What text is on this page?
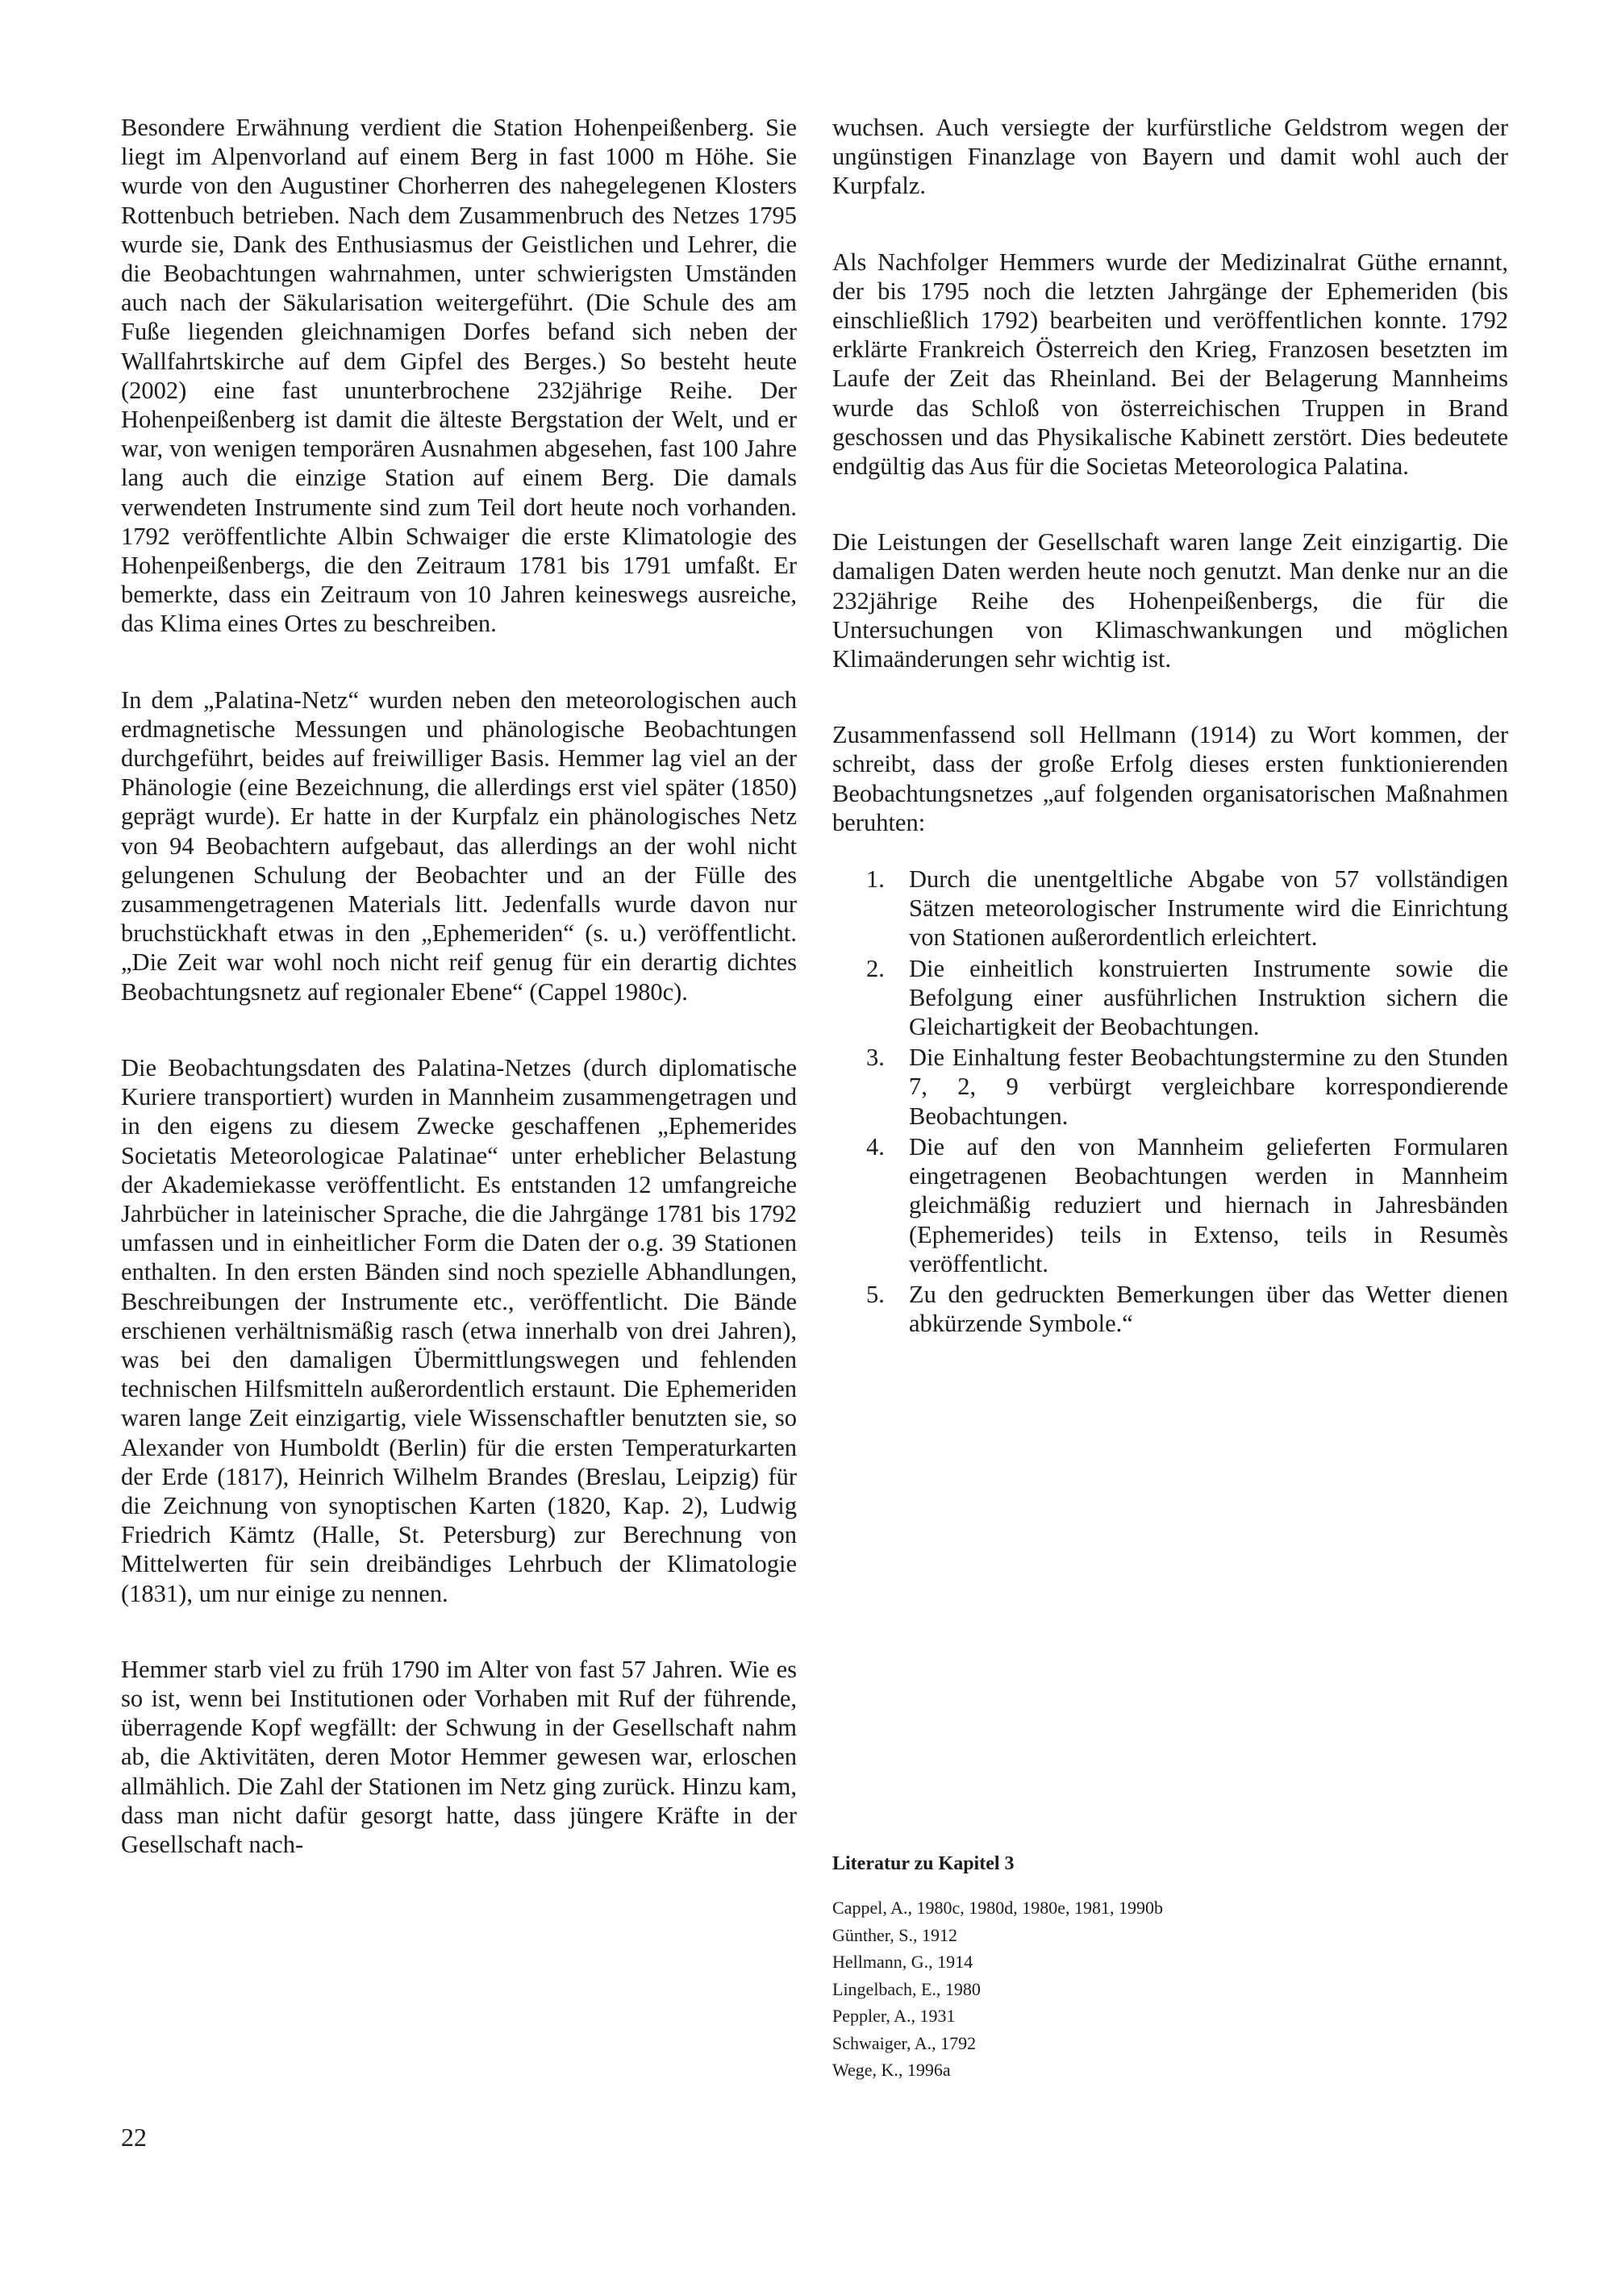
Besondere Erwähnung verdient die Station Hohenpeißenberg. Sie liegt im Alpenvorland auf einem Berg in fast 1000 m Höhe. Sie wurde von den Augustiner Chorherren des nahegelegenen Klosters Rottenbuch betrieben. Nach dem Zusammenbruch des Netzes 1795 wurde sie, Dank des Enthusiasmus der Geistlichen und Lehrer, die die Beobachtungen wahrnahmen, unter schwierigsten Umständen auch nach der Säkularisation weitergeführt. (Die Schule des am Fuße liegenden gleichnamigen Dorfes befand sich neben der Wallfahrtskirche auf dem Gipfel des Berges.) So besteht heute (2002) eine fast ununterbrochene 232jährige Reihe. Der Hohenpeißenberg ist damit die älteste Bergstation der Welt, und er war, von wenigen temporären Ausnahmen abgesehen, fast 100 Jahre lang auch die einzige Station auf einem Berg. Die damals verwendeten Instrumente sind zum Teil dort heute noch vorhanden. 1792 veröffentlichte Albin Schwaiger die erste Klimatologie des Hohenpeißenbergs, die den Zeitraum 1781 bis 1791 umfaßt. Er bemerkte, dass ein Zeitraum von 10 Jahren keineswegs ausreiche, das Klima eines Ortes zu beschreiben.

In dem „Palatina-Netz“ wurden neben den meteorologischen auch erdmagnetische Messungen und phänologische Beobachtungen durchgeführt, beides auf freiwilliger Basis. Hemmer lag viel an der Phänologie (eine Bezeichnung, die allerdings erst viel später (1850) geprägt wurde). Er hatte in der Kurpfalz ein phänologisches Netz von 94 Beobachtern aufgebaut, das allerdings an der wohl nicht gelungenen Schulung der Beobachter und an der Fülle des zusammengetragenen Materials litt. Jedenfalls wurde davon nur bruchstückhaft etwas in den „Ephemeriden“ (s. u.) veröffentlicht. „Die Zeit war wohl noch nicht reif genug für ein derartig dichtes Beobachtungsnetz auf regionaler Ebene“ (Cappel 1980c).

Die Beobachtungsdaten des Palatina-Netzes (durch diplomatische Kuriere transportiert) wurden in Mannheim zusammengetragen und in den eigens zu diesem Zwecke geschaffenen „Ephemerides Societatis Meteorologicae Palatinae“ unter erheblicher Belastung der Akademiekasse veröffentlicht. Es entstanden 12 umfangreiche Jahrbücher in lateinischer Sprache, die die Jahrgänge 1781 bis 1792 umfassen und in einheitlicher Form die Daten der o.g. 39 Stationen enthalten. In den ersten Bänden sind noch spezielle Abhandlungen, Beschreibungen der Instrumente etc., veröffentlicht. Die Bände erschienen verhältnismäßig rasch (etwa innerhalb von drei Jahren), was bei den damaligen Übermittlungswegen und fehlenden technischen Hilfsmitteln außerordentlich erstaunt. Die Ephemeriden waren lange Zeit einzigartig, viele Wissenschaftler benutzten sie, so Alexander von Humboldt (Berlin) für die ersten Temperaturkarten der Erde (1817), Heinrich Wilhelm Brandes (Breslau, Leipzig) für die Zeichnung von synoptischen Karten (1820, Kap. 2), Ludwig Friedrich Kämtz (Halle, St. Petersburg) zur Berechnung von Mittelwerten für sein dreibändiges Lehrbuch der Klimatologie (1831), um nur einige zu nennen.

Hemmer starb viel zu früh 1790 im Alter von fast 57 Jahren. Wie es so ist, wenn bei Institutionen oder Vorhaben mit Ruf der führende, überragende Kopf wegfällt: der Schwung in der Gesellschaft nahm ab, die Aktivitäten, deren Motor Hemmer gewesen war, erloschen allmählich. Die Zahl der Stationen im Netz ging zurück. Hinzu kam, dass man nicht dafür gesorgt hatte, dass jüngere Kräfte in der Gesellschaft nach-

wuchsen. Auch versiegte der kurfürstliche Geldstrom wegen der ungünstigen Finanzlage von Bayern und damit wohl auch der Kurpfalz.

Als Nachfolger Hemmers wurde der Medizinalrat Güthe ernannt, der bis 1795 noch die letzten Jahrgänge der Ephemeriden (bis einschließlich 1792) bearbeiten und veröffentlichen konnte. 1792 erklärte Frankreich Österreich den Krieg, Franzosen besetzten im Laufe der Zeit das Rheinland. Bei der Belagerung Mannheims wurde das Schloß von österreichischen Truppen in Brand geschossen und das Physikalische Kabinett zerstört. Dies bedeutete endgültig das Aus für die Societas Meteorologica Palatina.

Die Leistungen der Gesellschaft waren lange Zeit einzigartig. Die damaligen Daten werden heute noch genutzt. Man denke nur an die 232jährige Reihe des Hohenpeißenbergs, die für die Untersuchungen von Klimaschwankungen und möglichen Klimaänderungen sehr wichtig ist.

Zusammenfassend soll Hellmann (1914) zu Wort kommen, der schreibt, dass der große Erfolg dieses ersten funktionierenden Beobachtungsnetzes „auf folgenden organisatorischen Maßnahmen beruhten:

1. Durch die unentgeltliche Abgabe von 57 vollständigen Sätzen meteorologischer Instrumente wird die Einrichtung von Stationen außerordentlich erleichtert.
2. Die einheitlich konstruierten Instrumente sowie die Befolgung einer ausführlichen Instruktion sichern die Gleichartigkeit der Beobachtungen.
3. Die Einhaltung fester Beobachtungstermine zu den Stunden 7, 2, 9 verbürgt vergleichbare korrespondierende Beobachtungen.
4. Die auf den von Mannheim gelieferten Formularen eingetragenen Beobachtungen werden in Mannheim gleichmäßig reduziert und hiernach in Jahresbänden (Ephemerides) teils in Extenso, teils in Resumès veröffentlicht.
5. Zu den gedruckten Bemerkungen über das Wetter dienen abkürzende Symbole.“
Literatur zu Kapitel 3
Cappel, A., 1980c, 1980d, 1980e, 1981, 1990b
Günther, S., 1912
Hellmann, G., 1914
Lingelbach, E., 1980
Peppler, A., 1931
Schwaiger, A., 1792
Wege, K., 1996a
22
